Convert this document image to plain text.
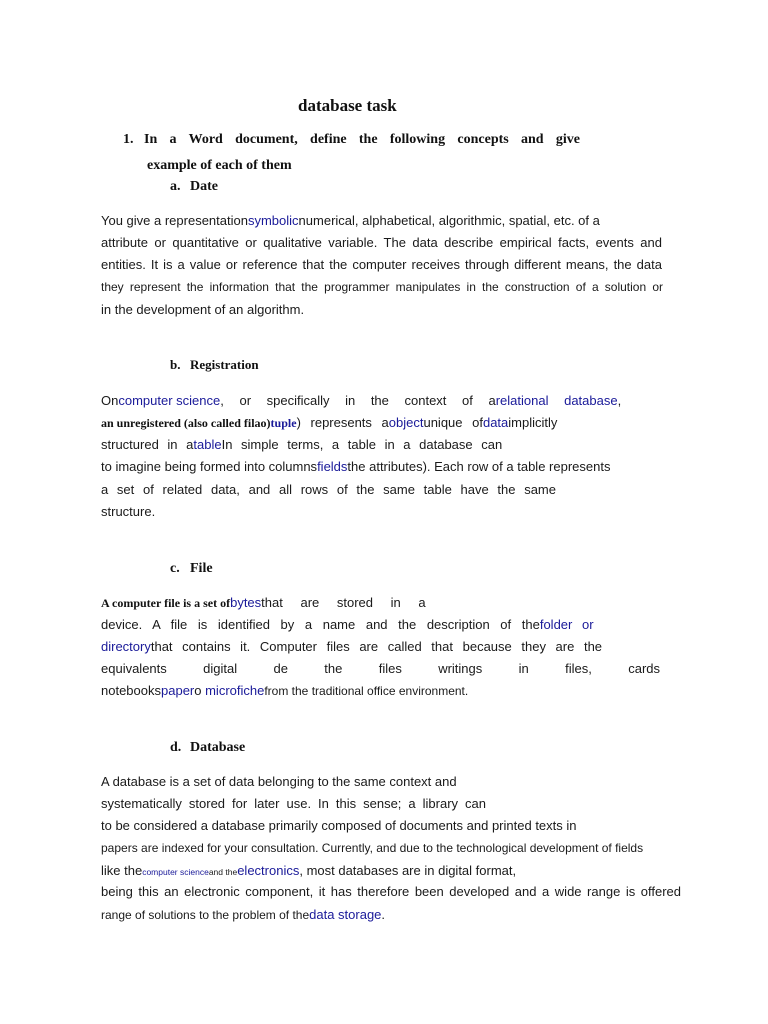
database task
1. In a Word document, define the following concepts and give
example of each of them
a. Date
You give a representationsymbolicnumerical, alphabetical, algorithmic, spatial, etc. of a
attribute or quantitative or qualitative variable. The data describe empirical facts, events and
entities. It is a value or reference that the computer receives through different means, the data
they represent the information that the programmer manipulates in the construction of a solution or
in the development of an algorithm.
b. Registration
Oncomputer science, or specifically in the context of a relational database,
an unregistered (also called filao)tuple) represents aobjectunique ofdataimplicitly
structured in atableIn simple terms, a table in a database can
to imagine being formed into columnsfieldsthe attributes). Each row of a table represents
a set of related data, and all rows of the same table have the same
structure.
c. File
A computer file is a set ofbytesthat are stored in a
device. A file is identified by a name and the description of the folder or
directorythat contains it. Computer files are called that because they are the
equivalents digital de the files writings in files, cards
notebookspapero microfichefrom the traditional office environment.
d. Database
A database is a set of data belonging to the same context and
systematically stored for later use. In this sense; a library can
to be considered a database primarily composed of documents and printed texts in
papers are indexed for your consultation. Currently, and due to the technological development of fields
like thecomputer scienceand theelectronics, most databases are in digital format,
being this an electronic component, it has therefore been developed and a wide range is offered
range of solutions to the problem of thedata storage.
